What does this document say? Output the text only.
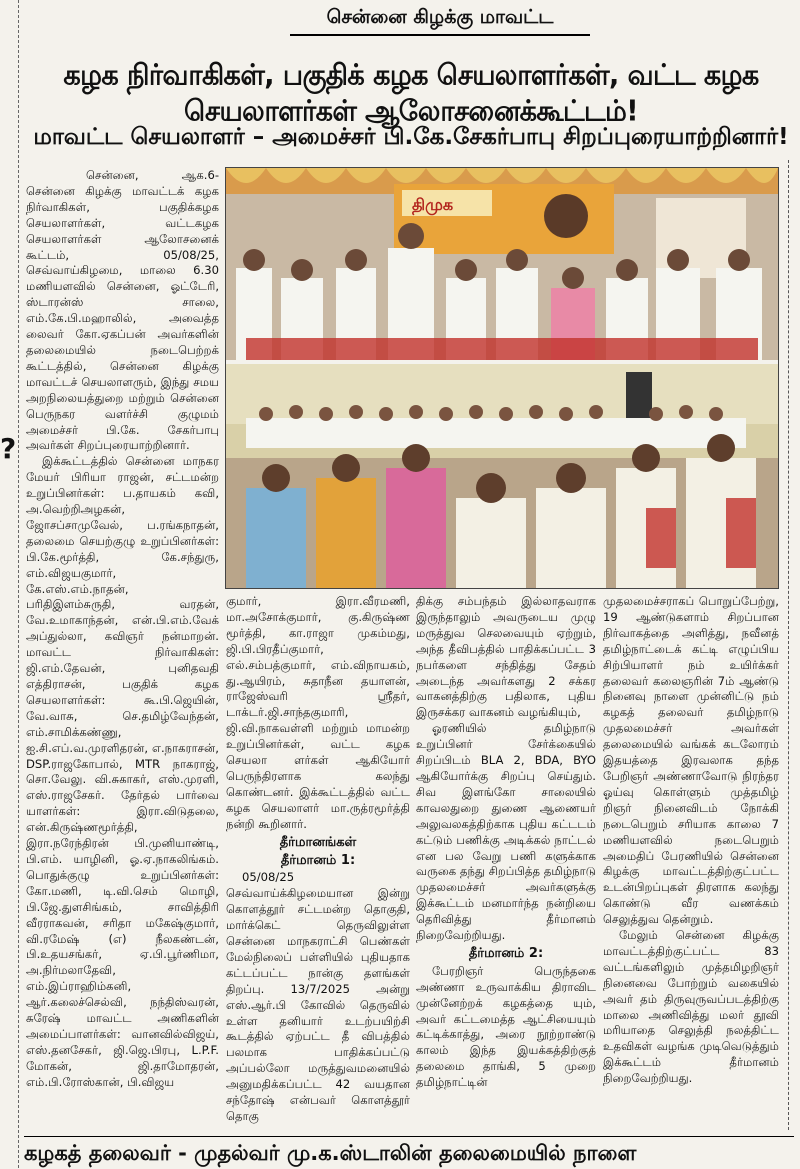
?
சென்னை கிழக்கு மாவட்ட
கழக நிர்வாகிகள், பகுதிக் கழக செயலாளர்கள், வட்ட கழக செயலாளர்கள் ஆலோசனைக்கூட்டம்!
மாவட்ட செயலாளர் – அமைச்சர் பி.கே.சேகர்பாபு சிறப்புரையாற்றினார்!
திமுக

சென்னை, ஆக.6- சென்னை கிழக்கு மாவட்டக் கழக நிர்வாகிகள், பகுதிக்கழக செயலாளர்கள், வட்டகழக செயலாளர்கள் ஆலோசனைக் கூட்டம், 05/08/25, செவ்வாய்கிழமை, மாலை 6.30 மணியளவில் சென்னை, ஓட்டேரி, ஸ்டாரன்ஸ் சாலை, எம்.கே.பி.மஹாலில், அவைத்த லைவர் கோ.ஏகப்பன் அவர்களின் தலைமையில் நடைபெற்றக் கூட்டத்தில், சென்னை கிழக்கு மாவட்டச் செயலாளரும், இந்து சமய அறநிலையத்துறை மற்றும் சென்னை பெருநகர வளர்ச்சி குழுமம் அமைச்சர் பி.கே. சேகர்பாபு அவர்கள் சிறப்புரையாற்றினார்.

இக்கூட்டத்தில் சென்னை மாநகர மேயர் பிரியா ராஜன், சட்டமன்ற உறுப்பினர்கள்: ப.தாயகம் கவி, அ.வெற்றிஅழகன், ஜோசப்சாமுவேல், ப.ரங்கநாதன், தலைமை செயற்குழு உறுப்பினர்கள்: பி.கே.மூர்த்தி, கே.சந்துரு, எம்.விஜயகுமார், கே.எஸ்.எம்.நாதன், பரிதிஇளம்சுருதி, வரதன், வே.உமாகாந்தன், என்.பி.எம்.வேக் அப்துல்லா, கவிஞர் நன்மாறன். மாவட்ட நிர்வாகிகள்: ஜி.எம்.தேவன், புனிதவதி எத்திராசன், பகுதிக் கழக செயலாளர்கள்: கூ.பி.ஜெயின், வே.வாசு, செ.தமிழ்வேந்தன், எம்.சாமிக்கண்ணு, ஐ.சி.எப்.வ.முரளிதரன், எ.நாகராசன், DSP.ராஜகோபால், MTR நாகராஜ், சொ.வேலு. வி.சுகாகர், எஸ்.முரளி, எஸ்.ராஜசேகர். தேர்தல் பார்வை யாளர்கள்: இரா.விடுதலை, என்.கிருஷ்ணமூர்த்தி, இரா.நரேந்திரன் பி.முனியாண்டி, பி.எம். யாழினி, ஓ.ஏ.நாகலிங்கம். பொதுக்குழு உறுப்பினர்கள்: கோ.மணி, டி.வி.செம் மொழி, பி.ஜே.துளசிங்கம், சாவித்திரி வீரராகவன், சரிதா மகேஷ்குமார், வி.ரமேஷ் (எ) நீலகண்டன், பி.உதயசங்கர், ஏ.பி.பூர்ணிமா, அ.நிர்மலாதேவி, எம்.இப்ராஹிம்கனி, ஆர்.கலைச்செல்வி, நந்திஸ்வரன், சுரேஷ் மாவட்ட அணிகளின் அமைப்பாளர்கள்: வானவில்விஜய், எஸ்.தனசேகர், ஜி.ஜெ.பிரபு, L.P.F. மோகன், ஜி.தாமோதரன், எம்.பி.ரோஸ்கான், பி.விஜய

குமார், இரா.வீரமணி, மா.அசோக்குமார், கு.கிருஷ்ண மூர்த்தி, கா.ராஜா முகம்மது, ஜி.பி.பிரதீப்குமார், எல்.சம்பத்குமார், எம்.விநாயகம், து.ஆயிரம், சுதாநீன தயாளன், ராஜேஸ்வரி ஸ்ரீதர், டாக்டர்.ஜி.சாந்தகுமாரி, ஜி.வி.நாகவள்ளி மற்றும் மாமன்ற உறுப்பினர்கள், வட்ட கழக செயலா ளர்கள் ஆகியோர் பெருந்திரளாக கலந்து கொண்டனர். இக்கூட்டத்தில் வட்ட கழக செயலாளர் மா.ருத்ரமூர்த்தி நன்றி கூறினார்.

தீர்மானங்கள்

தீர்மானம் 1:

05/08/25 செவ்வாய்க்கிழமையான இன்று கொளத்தூர் சட்டமன்ற தொகுதி, மார்க்கெட் தெருவிலுள்ள சென்னை மாநகராட்சி பெண்கள் மேல்நிலைப் பள்ளியில் புதியதாக கட்டப்பட்ட நான்கு தளங்கள் திறப்பு. 13/7/2025 அன்று எஸ்.ஆர்.பி கோவில் தெருவில் உள்ள தனியார் உடற்பயிற்சி கூடத்தில் ஏற்பட்ட தீ விபத்தில் பலமாக பாதிக்கப்பட்டு அப்பல்லோ மருத்துவமனையில் அனுமதிக்கப்பட்ட 42 வயதான சந்தோஷ் என்பவர் கொளத்தூர் தொகு

திக்கு சம்பந்தம் இல்லாதவராக இருந்தாலும் அவருடைய முழு மருத்துவ செலவையும் ஏற்றும், அந்த தீவிபத்தில் பாதிக்கப்பட்ட 3 நபர்களை சந்தித்து சேதம் அடைந்த அவர்களது 2 சக்கர வாகனத்திற்கு பதிலாக, புதிய இருசக்கர வாகனம் வழங்கியும்,

ஓரணியில் தமிழ்நாடு உறுப்பினர் சேர்க்கையில் சிறப்பிடம் BLA 2, BDA, BYO ஆகியோர்க்கு சிறப்பு செய்தும். சிவ இளங்கோ சாலையில் காவலதுறை துணை ஆணையர் அலுவலகத்திற்காக புதிய கட்டடம் கட்டும் பணிக்கு அடிக்கல் நாட்டல் என பல வேறு பணி களுக்காக வருகை தந்து சிறப்பித்த தமிழ்நாடு முதலமைச்சர் அவர்களுக்கு இக்கூட்டம் மனமார்ந்த நன்றியை தெரிவித்து தீர்மானம் நிறைவேற்றியது.

தீர்மானம் 2:

பேரறிஞர் பெருந்தகை அண்ணா உருவாக்கிய திராவிட முன்னேற்றக் கழகத்தை யும், அவர் கட்டமைத்த ஆட்சியையும் கட்டிக்காத்து, அரை நூற்றாண்டு காலம் இந்த இயக்கத்திற்குத் தலைமை தாங்கி, 5 முறை தமிழ்நாட்டின்

முதலமைச்சராகப் பொறுப்பேற்று, 19 ஆண்டுகளாம் சிறப்பான நிர்வாகத்தை அளித்து, நவீனத் தமிழ்நாட்டைக் கட்டி எழுப்பிய சிற்பியாளர் நம் உயிர்க்கர் தலைவர் கலைஞரின் 7ம் ஆண்டு நினைவு நாளை முன்னிட்டு நம் கழகத் தலைவர் தமிழ்நாடு முதலமைச்சர் அவர்கள் தலைமையில் வங்கக் கடலோரம் இதயத்தை இரவலாக தந்த பேறிஞர் அண்ணாவோடு நிரந்தர ஓய்வு கொள்ளும் முத்தமிழ் றிஞர் நினைவிடம் நோக்கி நடைபெறும் சரியாக காலை 7 மணியளவில் நடைபெறும் அமைதிப் பேரணியில் சென்னை கிழக்கு மாவட்டத்திற்குட்பட்ட உடன்பிறப்புகள் திரளாக கலந்து கொண்டு வீர வணக்கம் செலுத்துவ தென்றும்.

மேலும் சென்னை கிழக்கு மாவட்டத்திற்குட்பட்ட 83 வட்டங்களிலும் முத்தமிழறிஞர் நினைவை போற்றும் வகையில் அவர் தம் திருவுருவப்படத்திற்கு மாலை அணிவித்து மலர் தூவி மரியாதை செலுத்தி நலத்திட்ட உதவிகள் வழங்க முடிவெடுத்தும் இக்கூட்டம் தீர்மானம் நிறைவேற்றியது.

கழகத் தலைவர் - முதல்வர் மு.க.ஸ்டாலின் தலைமையில் நாளை
